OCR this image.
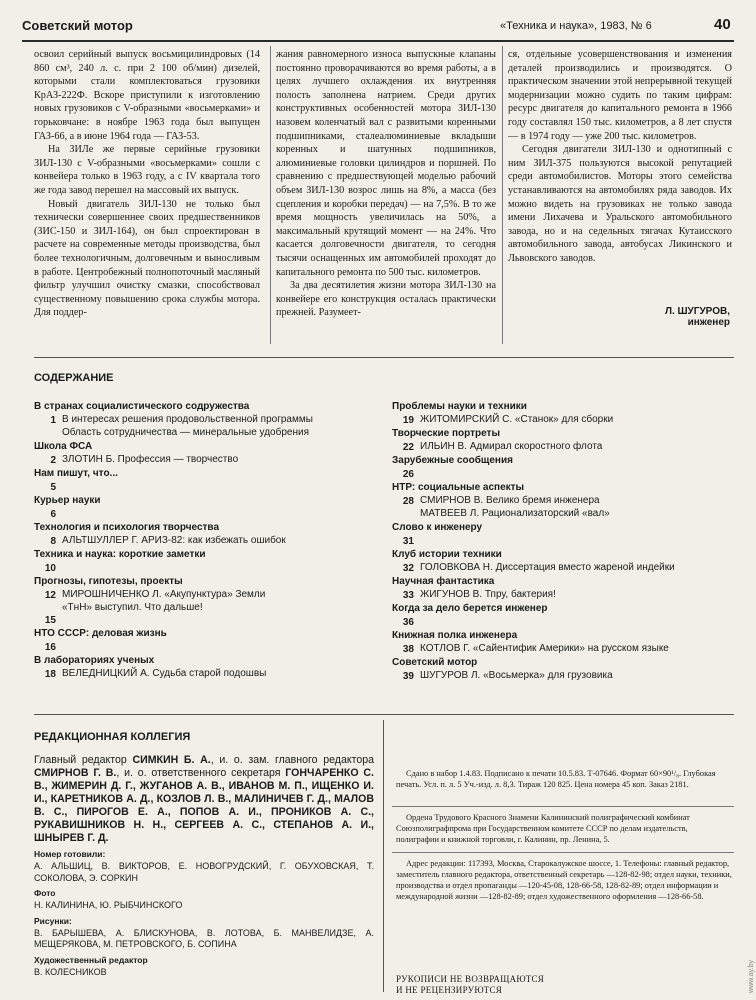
Советский мотор	«Техника и наука», 1983, № 6	40

освоил серийный выпуск восьмицилиндровых (14 860 см³, 240 л. с. при 2 100 об/мин) дизелей, которыми стали комплектоваться грузовики КрАЗ-222Ф. Вскоре приступили к изготовлению новых грузовиков с V-образными «восьмерками» и горьковчане: в ноябре 1963 года был выпущен ГАЗ-66, а в июне 1964 года — ГАЗ-53.

На ЗИЛе же первые серийные грузовики ЗИЛ-130 с V-образными «восьмерками» сошли с конвейера только в 1963 году, а с IV квартала того же года завод перешел на массовый их выпуск.

Новый двигатель ЗИЛ-130 не только был технически совершеннее своих предшественников (ЗИС-150 и ЗИЛ-164), он был спроектирован в расчете на современные методы производства, был более технологичным, долговечным и выносливым в работе. Центробежный полнопоточный масляный фильтр улучшил очистку смазки, способствовал существенному повышению срока службы мотора. Для поддер-

жания равномерного износа выпускные клапаны постоянно проворачиваются во время работы, а в целях лучшего охлаждения их внутренняя полость заполнена натрием. Среди других конструктивных особенностей мотора ЗИЛ-130 назовем коленчатый вал с развитыми коренными подшипниками, сталеалюминиевые вкладыши коренных и шатунных подшипников, алюминиевые головки цилиндров и поршней. По сравнению с предшествующей моделью рабочий объем ЗИЛ-130 возрос лишь на 8%, а масса (без сцепления и коробки передач) — на 7,5%. В то же время мощность увеличилась на 50%, а максимальный крутящий момент — на 24%. Что касается долговечности двигателя, то сегодня тысячи оснащенных им автомобилей проходят до капитального ремонта по 500 тыс. километров.

За два десятилетия жизни мотора ЗИЛ-130 на конвейере его конструкция осталась практически прежней. Разумеет-

ся, отдельные усовершенствования и изменения деталей производились и производятся. О практическом значении этой непрерывной текущей модернизации можно судить по таким цифрам: ресурс двигателя до капитального ремонта в 1966 году составлял 150 тыс. километров, а 8 лет спустя — в 1974 году — уже 200 тыс. километров.

Сегодня двигатели ЗИЛ-130 и однотипный с ним ЗИЛ-375 пользуются высокой репутацией среди автомобилистов. Моторы этого семейства устанавливаются на автомобилях ряда заводов. Их можно видеть на грузовиках не только завода имени Лихачева и Уральского автомобильного завода, но и на седельных тягачах Кутаисского автомобильного завода, автобусах Ликинского и Львовского заводов.

Л. ШУГУРОВ,
инженер
СОДЕРЖАНИЕ
В странах социалистического содружества
1 В интересах решения продовольственной программы
Область сотрудничества — минеральные удобрения
Школа ФСА
2 ЗЛОТИН Б. Профессия — творчество
Нам пишут, что...
5
Курьер науки
6
Технология и психология творчества
8 АЛЬТШУЛЛЕР Г. АРИЗ-82: как избежать ошибок
Техника и наука: короткие заметки
10
Прогнозы, гипотезы, проекты
12 МИРОШНИЧЕНКО Л. «Акупунктура» Земли
«ТнН» выступил. Что дальше!
15
НТО СССР: деловая жизнь
16
В лабораториях ученых
18 ВЕЛЕДНИЦКИЙ А. Судьба старой подошвы
Проблемы науки и техники
19 ЖИТОМИРСКИЙ С. «Станок» для сборки
Творческие портреты
22 ИЛЬИН В. Адмирал скоростного флота
Зарубежные сообщения
26
НТР: социальные аспекты
28 СМИРНОВ В. Велико бремя инженера
МАТВЕЕВ Л. Рационализаторский «вал»
Слово к инженеру
31
Клуб истории техники
32 ГОЛОВКОВА Н. Диссертация вместо жареной индейки
Научная фантастика
33 ЖИГУНОВ В. Тпру, бактерия!
Когда за дело берется инженер
36
Книжная полка инженера
38 КОТЛОВ Г. «Сайентифик Америки» на русском языке
Советский мотор
39 ШУГУРОВ Л. «Восьмерка» для грузовика
РЕДАКЦИОННАЯ КОЛЛЕГИЯ

Главный редактор СИМКИН Б. А., и. о. зам. главного редактора СМИРНОВ Г. В., и. о. ответственного секретаря ГОНЧАРЕНКО С. В., ЖИМЕРИН Д. Г., ЖУГАНОВ А. В., ИВАНОВ М. П., ИЩЕНКО И. И., КАРЕТНИКОВ А. Д., КОЗЛОВ Л. В., МАЛИНИЧЕВ Г. Д., МАЛОВ В. С., ПИРОГОВ Е. А., ПОПОВ А. И., ПРОНИКОВ А. С., РУКАВИШНИКОВ Н. Н., СЕРГЕЕВ А. С., СТЕПАНОВ А. И., ШНЫРЕВ Г. Д.

Номер готовили:
А. АЛЬШИЦ, В. ВИКТОРОВ, Е. НОВОГРУДСКИЙ, Г. ОБУХОВСКАЯ, Т. СОКОЛОВА, Э. СОРКИН
Фото
Н. КАЛИНИНА, Ю. РЫБЧИНСКОГО
Рисунки:
В. БАРЫШЕВА, А. БЛИСКУНОВА, В. ЛОТОВА, Б. МАНВЕЛИДЗЕ, А. МЕЩЕРЯКОВА, М. ПЕТРОВСКОГО, Б. СОПИНА
Художественный редактор
В. КОЛЕСНИКОВ

Сдано в набор 1.4.83. Подписано к печати 10.5.83. Т-07646. Формат 60×90¹/₈. Глубокая печать. Усл. п. л. 5 Уч.-изд. л. 8,3. Тираж 120 825. Цена номера 45 коп. Заказ 2181.

Ордена Трудового Красного Знамени Калининский полиграфический комбинат Союзполиграфпрома при Государственном комитете СССР по делам издательств, полиграфии и книжной торговли, г. Калинин, пр. Ленина, 5.

Адрес редакции: 117393, Москва, Старокалужское шоссе, 1. Телефоны: главный редактор, заместитель главного редактора, ответственный секретарь —128-82-98; отдел науки, техники, производства и отдел пропаганды —120-45-08, 128-66-58, 128-82-89; отдел информации и международной жизни —128-82-89; отдел художественного оформления —128-66-58.

РУКОПИСИ НЕ ВОЗВРАЩАЮТСЯ
И НЕ РЕЦЕНЗИРУЮТСЯ	www.ay.by
